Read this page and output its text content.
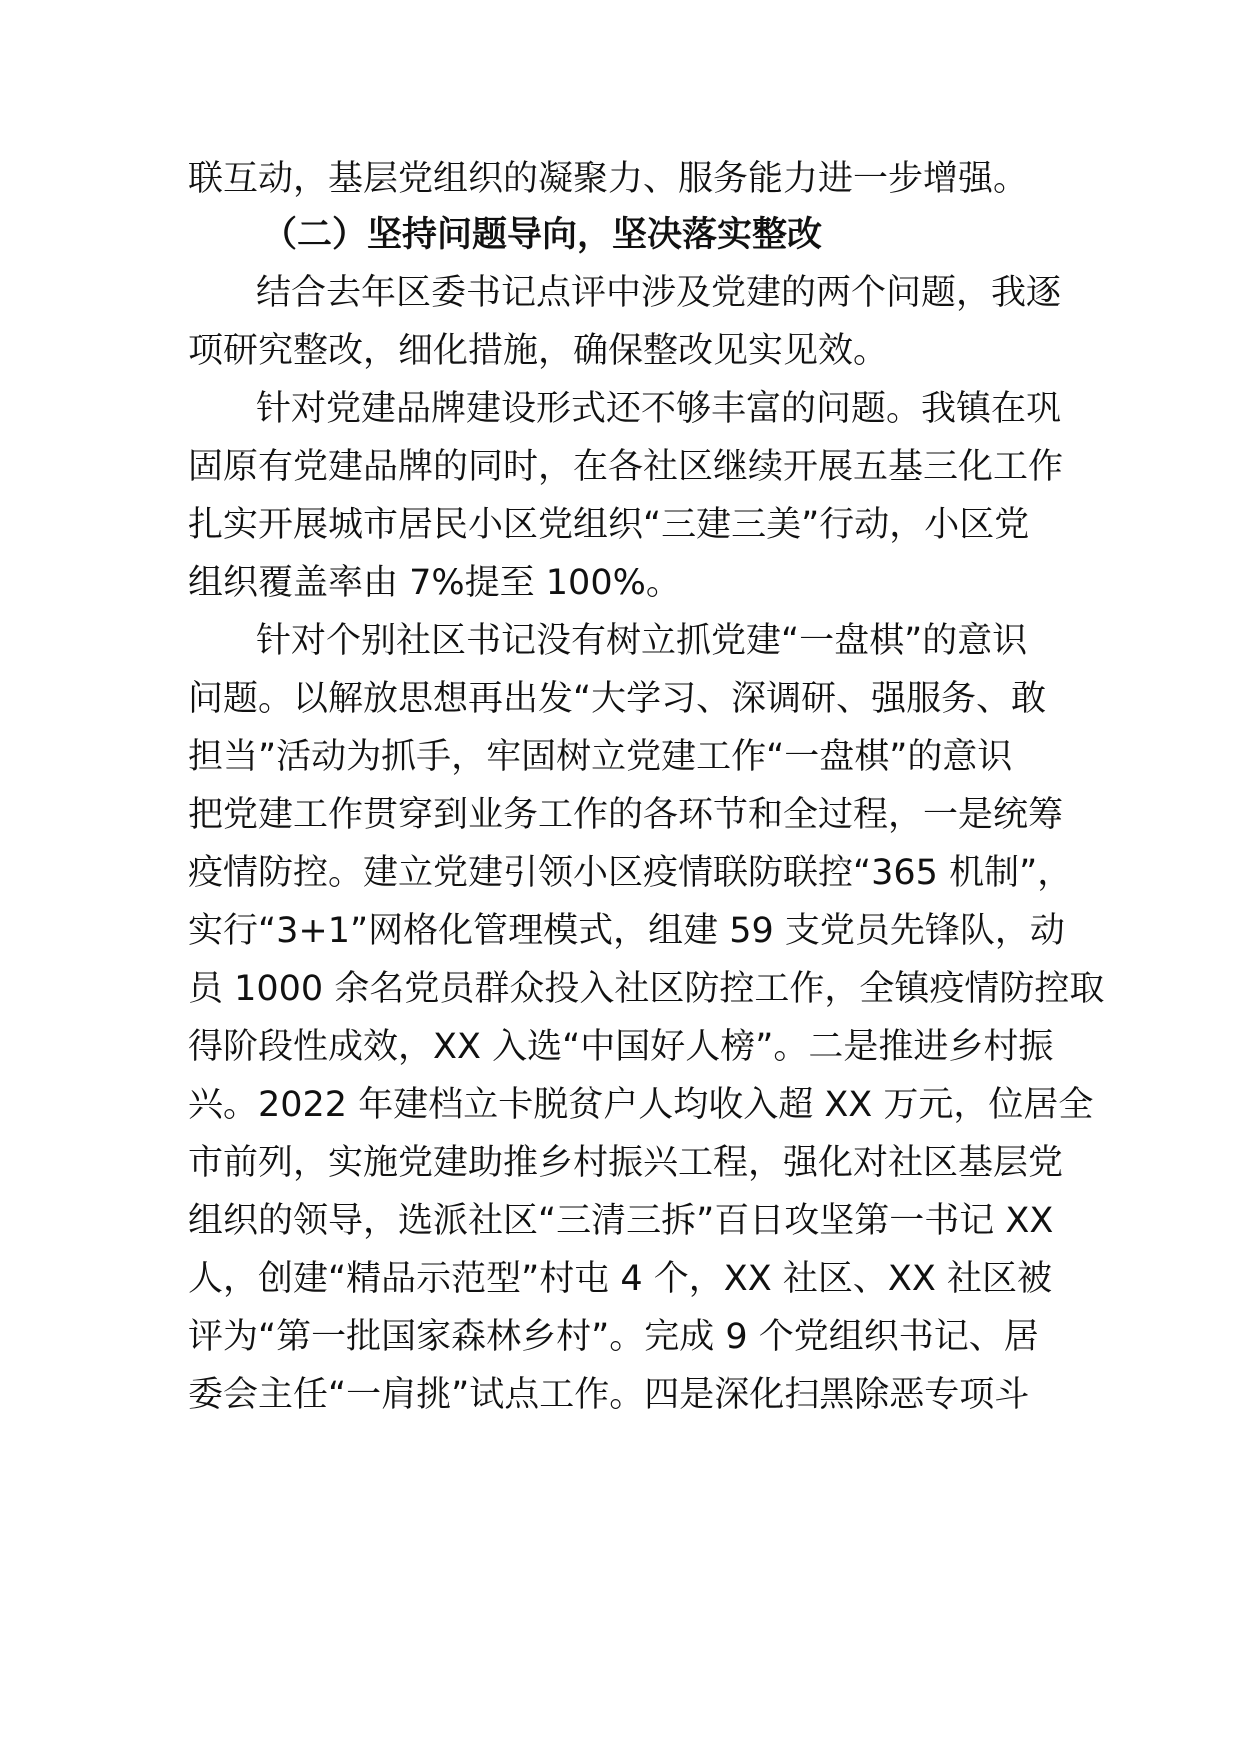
联互动，基层党组织的凝聚力、服务能力进一步增强。
（二）坚持问题导向，坚决落实整改
结合去年区委书记点评中涉及党建的两个问题，我逐
项研究整改，细化措施，确保整改见实见效。
针对党建品牌建设形式还不够丰富的问题。我镇在巩
固原有党建品牌的同时，在各社区继续开展五基三化工作
扎实开展城市居民小区党组织“三建三美”行动，小区党
组织覆盖率由 7%提至 100%。
针对个别社区书记没有树立抓党建“一盘棋”的意识
问题。以解放思想再出发“大学习、深调研、强服务、敢
担当”活动为抓手，牢固树立党建工作“一盘棋”的意识
把党建工作贯穿到业务工作的各环节和全过程，一是统筹
疫情防控。建立党建引领小区疫情联防联控“365 机制”，
实行“3+1”网格化管理模式，组建 59 支党员先锋队，动
员 1000 余名党员群众投入社区防控工作，全镇疫情防控取
得阶段性成效，XX 入选“中国好人榜”。二是推进乡村振
兴。2022 年建档立卡脱贫户人均收入超 XX 万元，位居全
市前列，实施党建助推乡村振兴工程，强化对社区基层党
组织的领导，选派社区“三清三拆”百日攻坚第一书记 XX
人，创建“精品示范型”村屯 4 个，XX 社区、XX 社区被
评为“第一批国家森林乡村”。完成 9 个党组织书记、居
委会主任“一肩挑”试点工作。四是深化扫黑除恶专项斗
